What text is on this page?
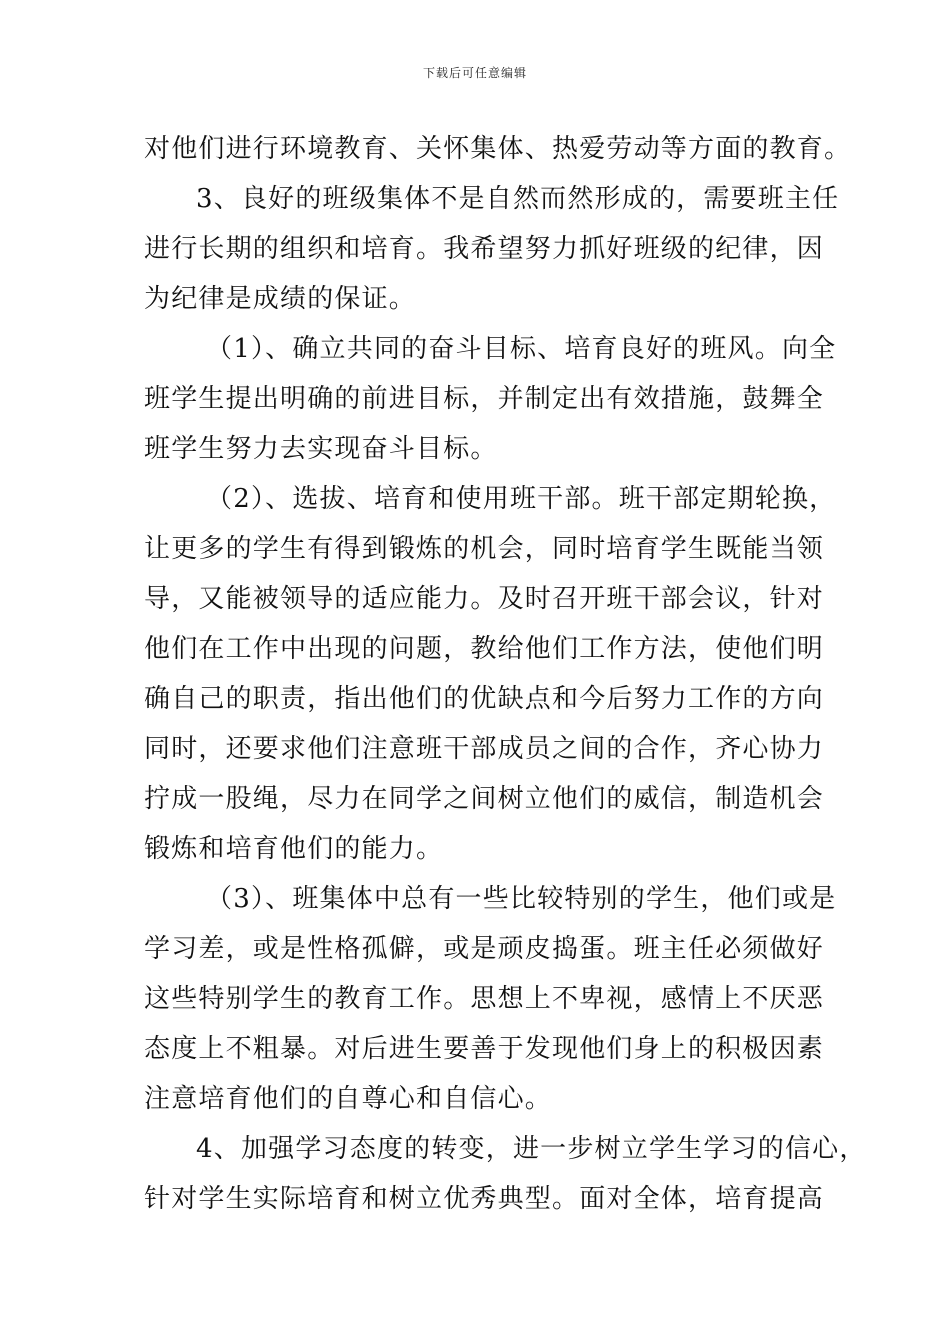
下载后可任意编辑
对他们进行环境教育、关怀集体、热爱劳动等方面的教育。
3、良好的班级集体不是自然而然形成的，需要班主任
进行长期的组织和培育。我希望努力抓好班级的纪律，因
为纪律是成绩的保证。
（1）、确立共同的奋斗目标、培育良好的班风。向全
班学生提出明确的前进目标，并制定出有效措施，鼓舞全
班学生努力去实现奋斗目标。
（2）、选拔、培育和使用班干部。班干部定期轮换，
让更多的学生有得到锻炼的机会，同时培育学生既能当领
导，又能被领导的适应能力。及时召开班干部会议，针对
他们在工作中出现的问题，教给他们工作方法，使他们明
确自己的职责，指出他们的优缺点和今后努力工作的方向
同时，还要求他们注意班干部成员之间的合作，齐心协力
拧成一股绳，尽力在同学之间树立他们的威信，制造机会
锻炼和培育他们的能力。
（3）、班集体中总有一些比较特别的学生，他们或是
学习差，或是性格孤僻，或是顽皮捣蛋。班主任必须做好
这些特别学生的教育工作。思想上不卑视，感情上不厌恶
态度上不粗暴。对后进生要善于发现他们身上的积极因素
注意培育他们的自尊心和自信心。
4、加强学习态度的转变，进一步树立学生学习的信心，
针对学生实际培育和树立优秀典型。面对全体，培育提高
